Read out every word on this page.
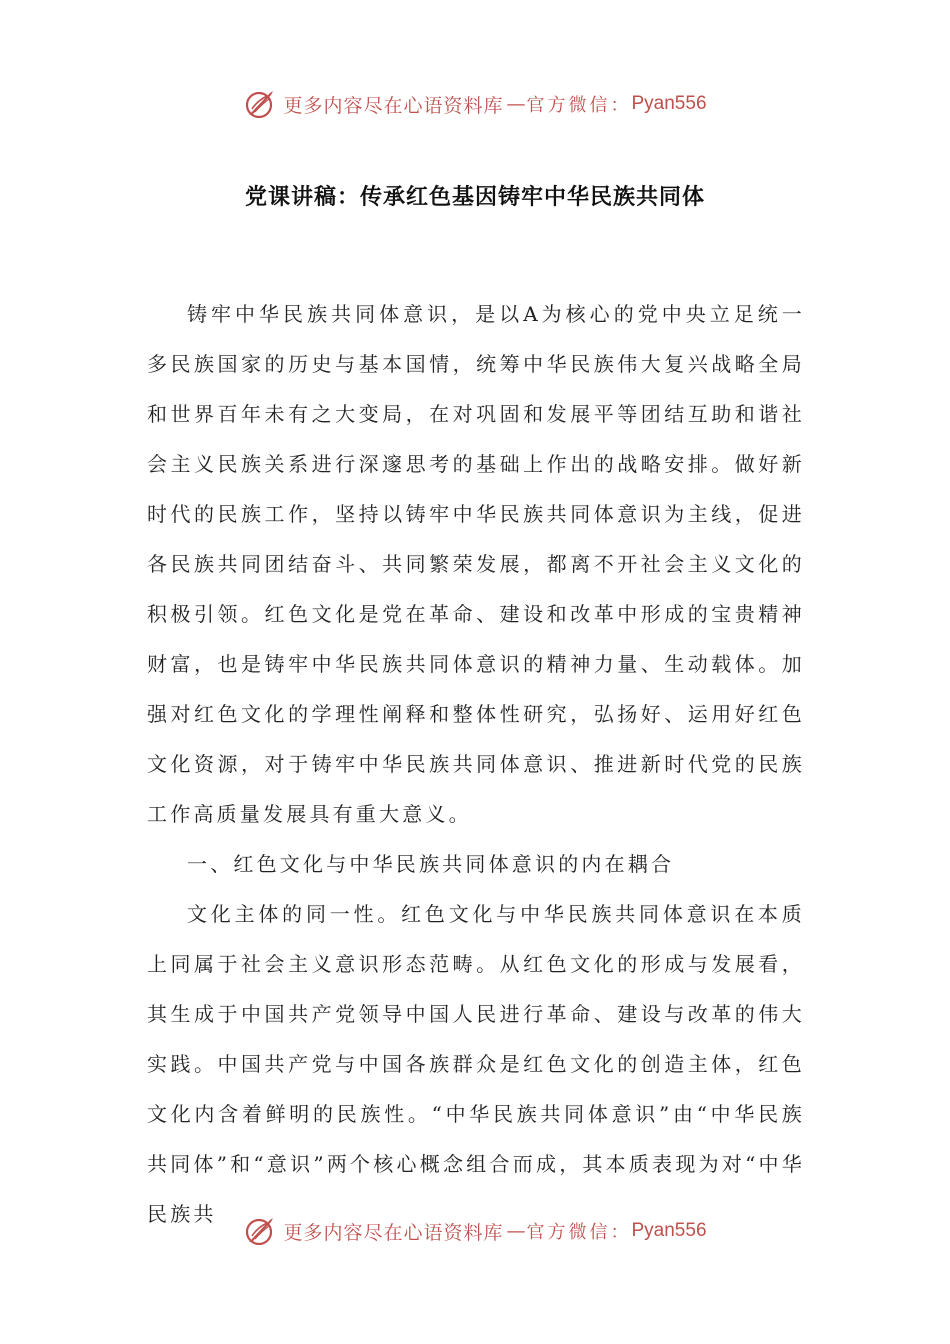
更多内容尽在心语资料库 — 官方微信： Pyan556
党课讲稿：传承红色基因铸牢中华民族共同体

铸牢中华民族共同体意识，是以A为核心的党中央立足统一多民族国家的历史与基本国情，统筹中华民族伟大复兴战略全局和世界百年未有之大变局，在对巩固和发展平等团结互助和谐社会主义民族关系进行深邃思考的基础上作出的战略安排。做好新时代的民族工作，坚持以铸牢中华民族共同体意识为主线，促进各民族共同团结奋斗、共同繁荣发展，都离不开社会主义文化的积极引领。红色文化是党在革命、建设和改革中形成的宝贵精神财富，也是铸牢中华民族共同体意识的精神力量、生动载体。加强对红色文化的学理性阐释和整体性研究，弘扬好、运用好红色文化资源，对于铸牢中华民族共同体意识、推进新时代党的民族工作高质量发展具有重大意义。

一、红色文化与中华民族共同体意识的内在耦合

文化主体的同一性。红色文化与中华民族共同体意识在本质上同属于社会主义意识形态范畴。从红色文化的形成与发展看，其生成于中国共产党领导中国人民进行革命、建设与改革的伟大实践。中国共产党与中国各族群众是红色文化的创造主体，红色文化内含着鲜明的民族性。“中华民族共同体意识”由“中华民族共同体”和“意识”两个核心概念组合而成，其本质表现为对“中华民族共

更多内容尽在心语资料库 — 官方微信： Pyan556
